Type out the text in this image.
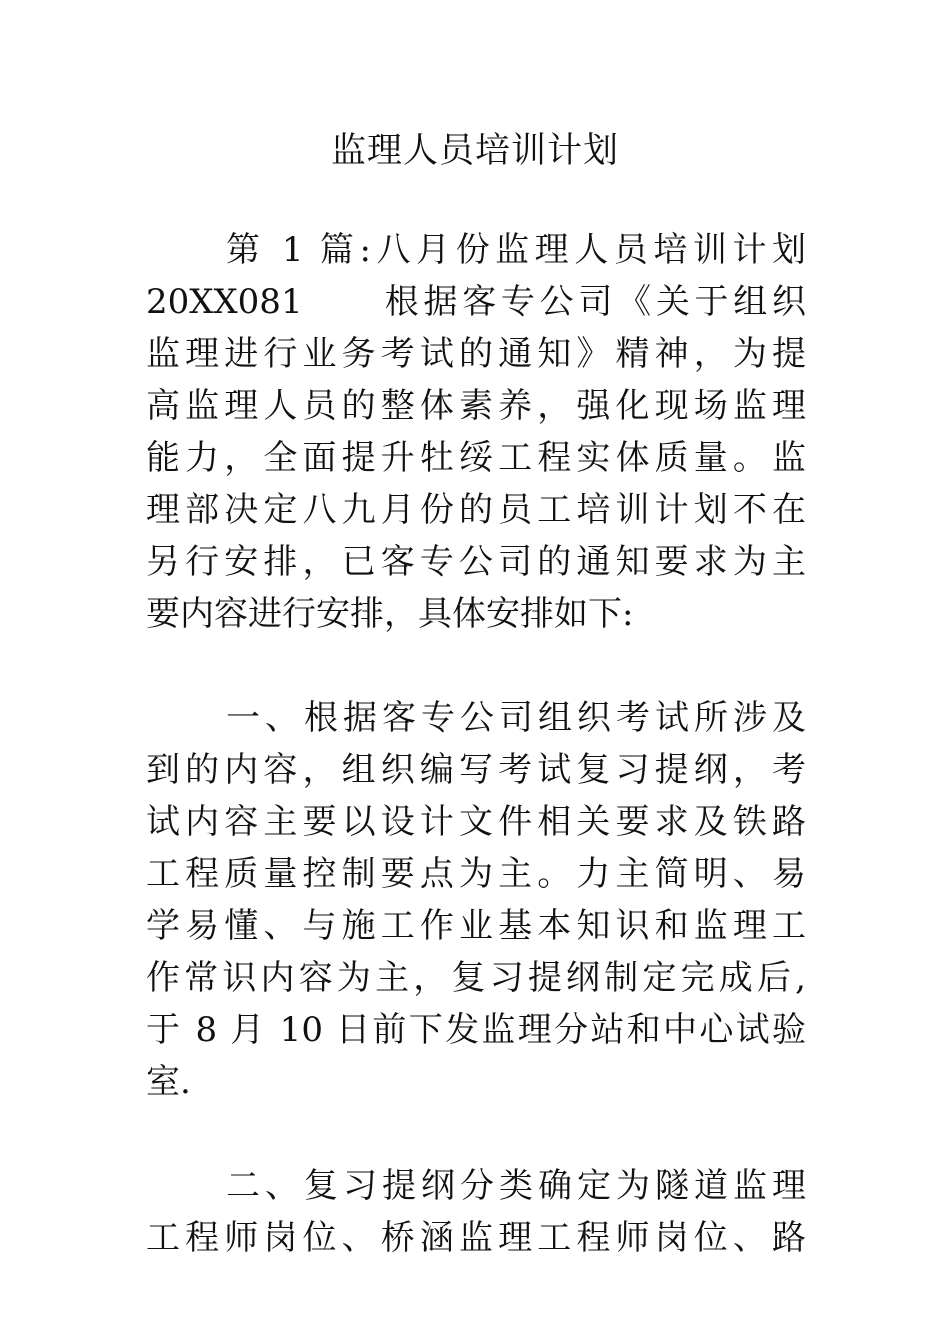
监理人员培训计划
第 1 篇:八月份监理人员培训计划
20XX081　　根据客专公司《关于组织
监理进行业务考试的通知》精神，为提
高监理人员的整体素养，强化现场监理
能力，全面提升牡绥工程实体质量。监
理部决定八九月份的员工培训计划不在
另行安排，已客专公司的通知要求为主
要内容进行安排，具体安排如下:
一、根据客专公司组织考试所涉及
到的内容，组织编写考试复习提纲，考
试内容主要以设计文件相关要求及铁路
工程质量控制要点为主。力主简明、易
学易懂、与施工作业基本知识和监理工
作常识内容为主，复习提纲制定完成后,
于 8 月 10 日前下发监理分站和中心试验
室.
二、复习提纲分类确定为隧道监理
工程师岗位、桥涵监理工程师岗位、路
